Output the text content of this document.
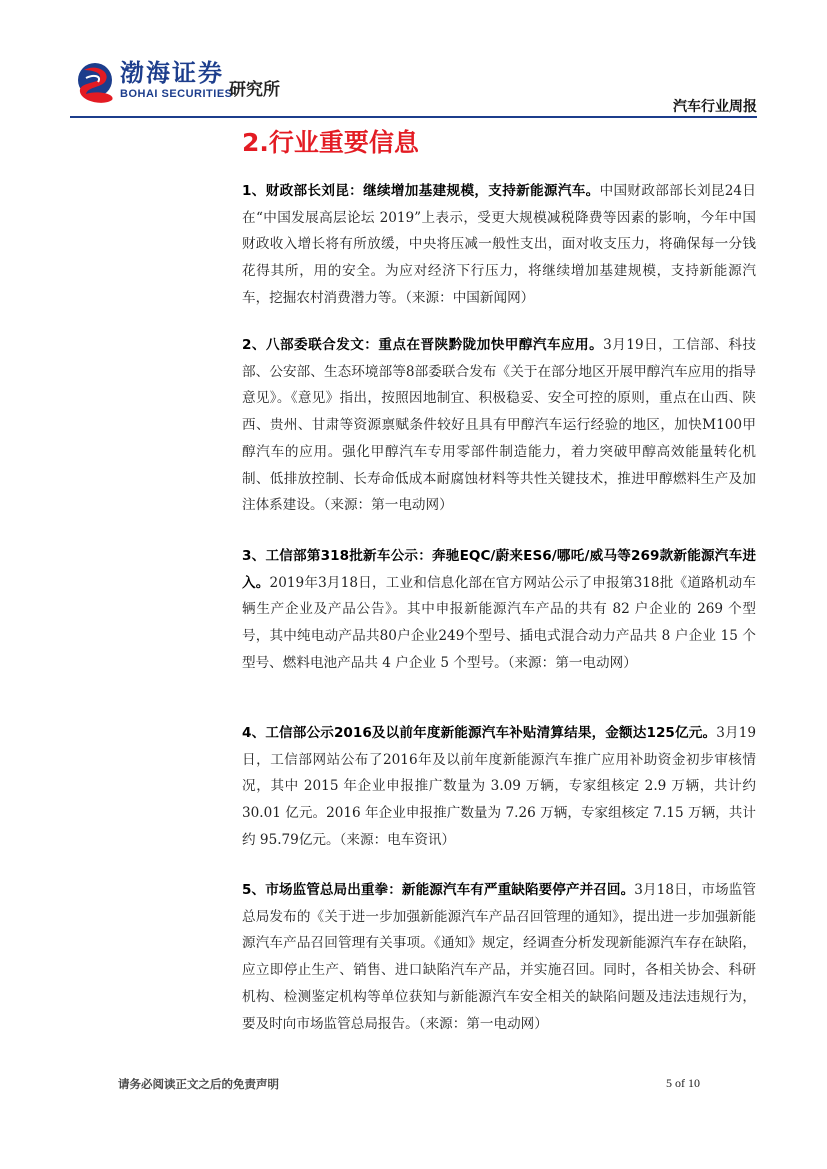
渤海证券
BOHAI SECURITIES
研究所
汽车行业周报
2.行业重要信息

1、财政部长刘昆：继续增加基建规模，支持新能源汽车。中国财政部部长刘昆24日在“中国发展高层论坛 2019”上表示，受更大规模减税降费等因素的影响，今年中国财政收入增长将有所放缓，中央将压减一般性支出，面对收支压力，将确保每一分钱花得其所，用的安全。为应对经济下行压力，将继续增加基建规模，支持新能源汽车，挖掘农村消费潜力等。（来源：中国新闻网）

2、八部委联合发文：重点在晋陕黔陇加快甲醇汽车应用。3月19日，工信部、科技部、公安部、生态环境部等8部委联合发布《关于在部分地区开展甲醇汽车应用的指导意见》。《意见》指出，按照因地制宜、积极稳妥、安全可控的原则，重点在山西、陕西、贵州、甘肃等资源禀赋条件较好且具有甲醇汽车运行经验的地区，加快M100甲醇汽车的应用。强化甲醇汽车专用零部件制造能力，着力突破甲醇高效能量转化机制、低排放控制、长寿命低成本耐腐蚀材料等共性关键技术，推进甲醇燃料生产及加注体系建设。（来源：第一电动网）

3、工信部第318批新车公示：奔驰EQC/蔚来ES6/哪吒/威马等269款新能源汽车进入。2019年3月18日，工业和信息化部在官方网站公示了申报第318批《道路机动车辆生产企业及产品公告》。其中申报新能源汽车产品的共有 82 户企业的 269 个型号，其中纯电动产品共80户企业249个型号、插电式混合动力产品共 8 户企业 15 个型号、燃料电池产品共 4 户企业 5 个型号。（来源：第一电动网）

4、工信部公示2016及以前年度新能源汽车补贴清算结果，金额达125亿元。3月19日，工信部网站公布了2016年及以前年度新能源汽车推广应用补助资金初步审核情况，其中 2015 年企业申报推广数量为 3.09 万辆，专家组核定 2.9 万辆，共计约 30.01 亿元。2016 年企业申报推广数量为 7.26 万辆，专家组核定 7.15 万辆，共计约 95.79亿元。（来源：电车资讯）

5、市场监管总局出重拳：新能源汽车有严重缺陷要停产并召回。3月18日，市场监管总局发布的《关于进一步加强新能源汽车产品召回管理的通知》，提出进一步加强新能源汽车产品召回管理有关事项。《通知》规定，经调查分析发现新能源汽车存在缺陷，应立即停止生产、销售、进口缺陷汽车产品，并实施召回。同时，各相关协会、科研机构、检测鉴定机构等单位获知与新能源汽车安全相关的缺陷问题及违法违规行为，要及时向市场监管总局报告。（来源：第一电动网）

请务必阅读正文之后的免责声明	5 of 10
